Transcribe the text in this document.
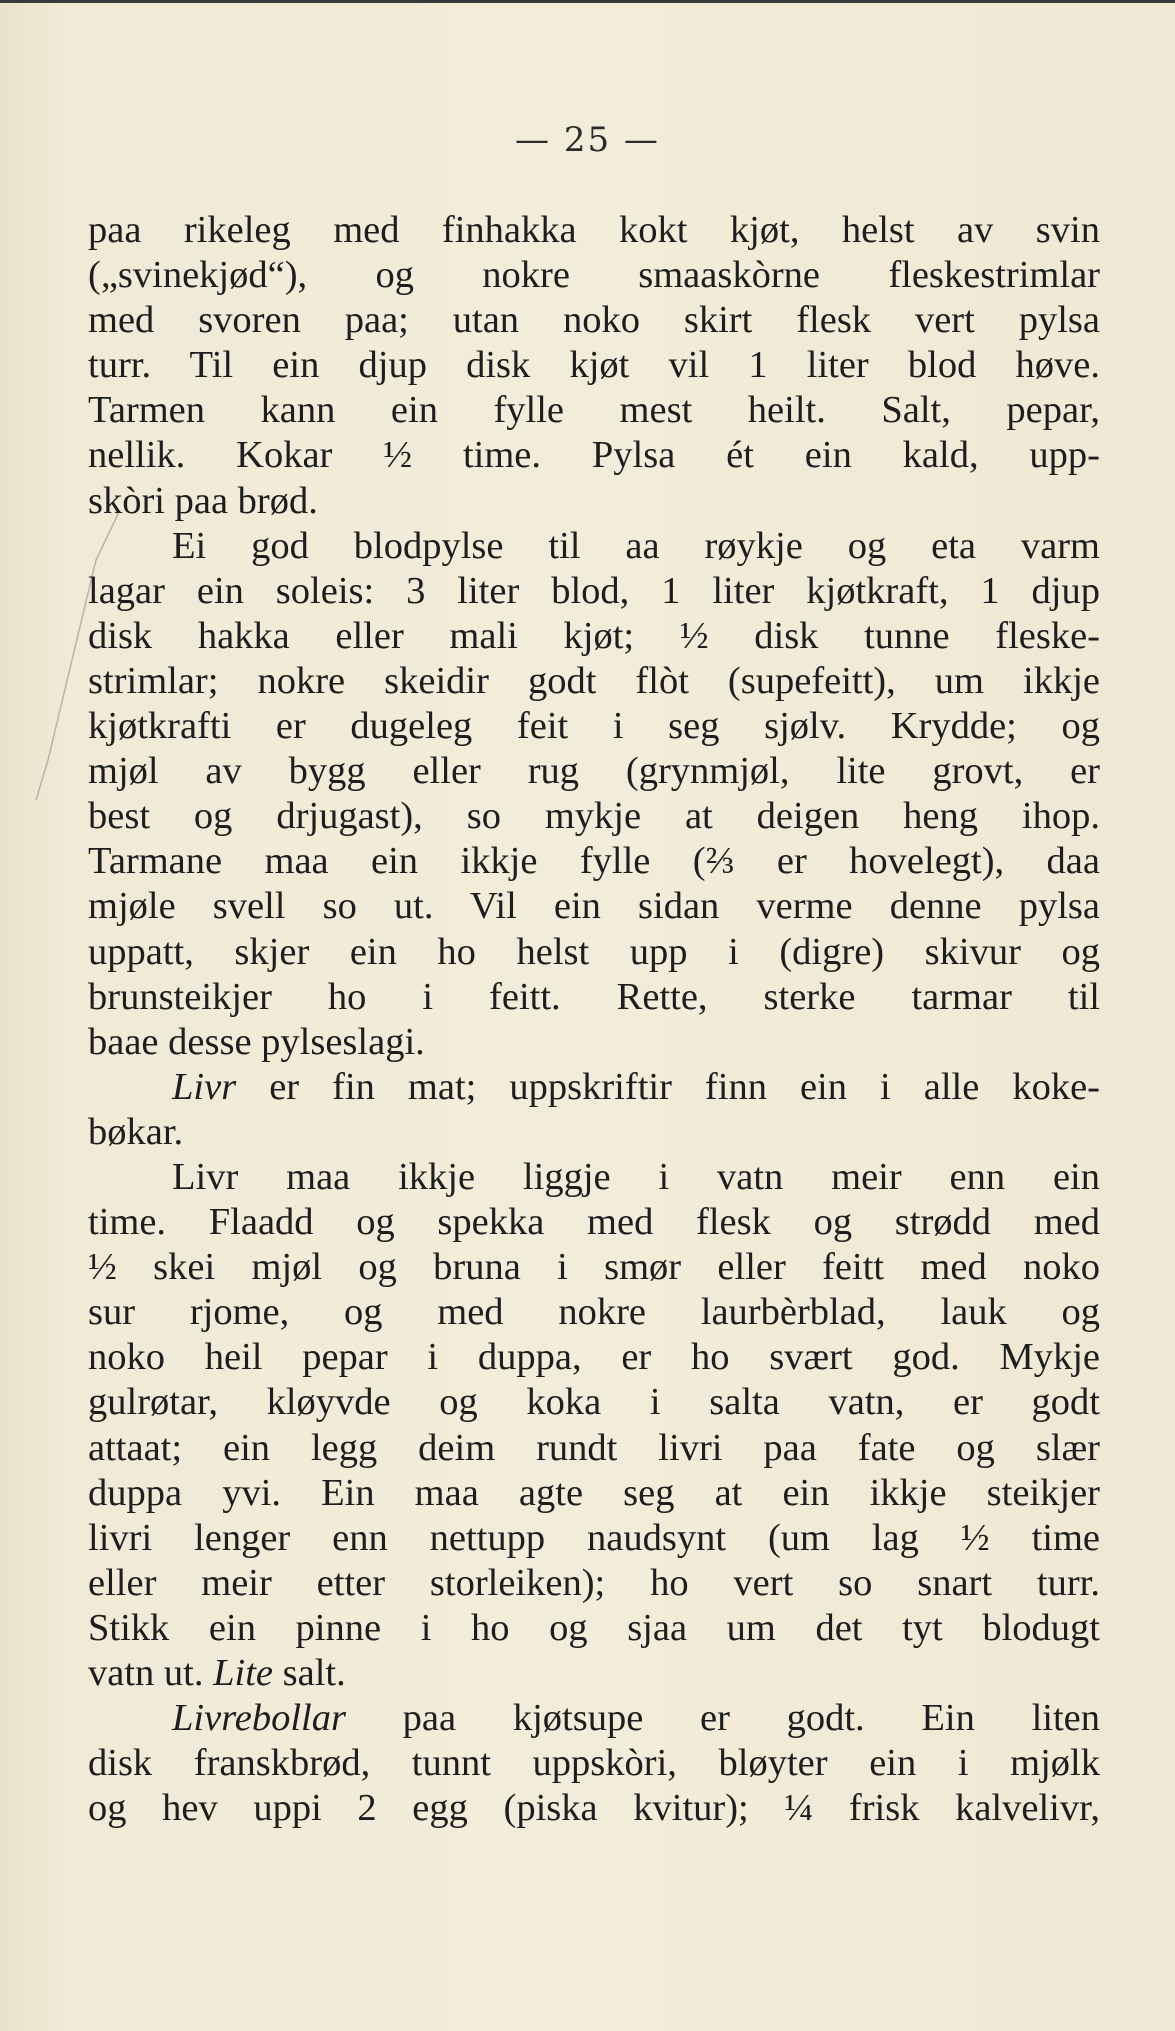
— 25 —
paa rikeleg med finhakka kokt kjøt, helst av svin
(„svinekjød“), og nokre smaaskòrne fleskestrimlar
med svoren paa; utan noko skirt flesk vert pylsa
turr. Til ein djup disk kjøt vil 1 liter blod høve.
Tarmen kann ein fylle mest heilt. Salt, pepar,
nellik. Kokar ½ time. Pylsa ét ein kald, upp-
skòri paa brød.
Ei god blodpylse til aa røykje og eta varm
lagar ein soleis: 3 liter blod, 1 liter kjøtkraft, 1 djup
disk hakka eller mali kjøt; ½ disk tunne fleske-
strimlar; nokre skeidir godt flòt (supefeitt), um ikkje
kjøtkrafti er dugeleg feit i seg sjølv. Krydde; og
mjøl av bygg eller rug (grynmjøl, lite grovt, er
best og drjugast), so mykje at deigen heng ihop.
Tarmane maa ein ikkje fylle (⅔ er hovelegt), daa
mjøle svell so ut. Vil ein sidan verme denne pylsa
uppatt, skjer ein ho helst upp i (digre) skivur og
brunsteikjer ho i feitt. Rette, sterke tarmar til
baae desse pylseslagi.
Livr er fin mat; uppskriftir finn ein i alle koke-
bøkar.
Livr maa ikkje liggje i vatn meir enn ein
time. Flaadd og spekka med flesk og strødd med
½ skei mjøl og bruna i smør eller feitt med noko
sur rjome, og med nokre laurbèrblad, lauk og
noko heil pepar i duppa, er ho svært god. Mykje
gulrøtar, kløyvde og koka i salta vatn, er godt
attaat; ein legg deim rundt livri paa fate og slær
duppa yvi. Ein maa agte seg at ein ikkje steikjer
livri lenger enn nettupp naudsynt (um lag ½ time
eller meir etter storleiken); ho vert so snart turr.
Stikk ein pinne i ho og sjaa um det tyt blodugt
vatn ut. Lite salt.
Livrebollar paa kjøtsupe er godt. Ein liten
disk franskbrød, tunnt uppskòri, bløyter ein i mjølk
og hev uppi 2 egg (piska kvitur); ¼ frisk kalvelivr,
